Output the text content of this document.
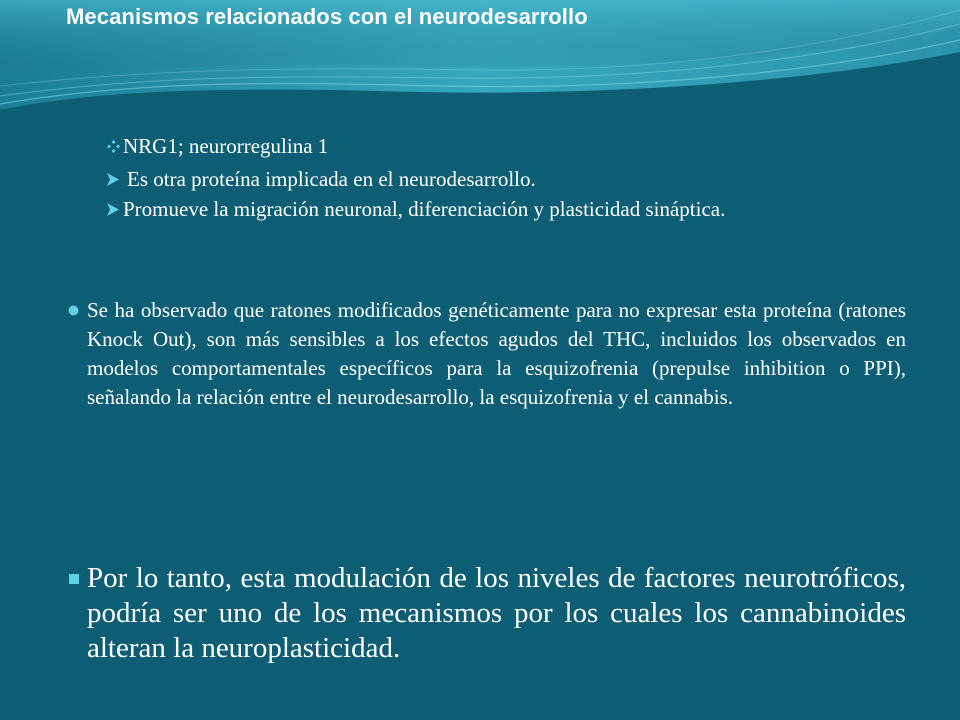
Mecanismos relacionados con el neurodesarrollo
NRG1; neurorregulina 1
Es otra proteína implicada en el neurodesarrollo.
Promueve la migración neuronal, diferenciación y plasticidad sináptica.
Se ha observado que ratones modificados genéticamente para no expresar esta proteína (ratones Knock Out), son más sensibles a los efectos agudos del THC, incluidos los observados en modelos comportamentales específicos para la esquizofrenia (prepulse inhibition o PPI), señalando la relación entre el neurodesarrollo, la esquizofrenia y el cannabis.
Por lo tanto, esta modulación de los niveles de factores neurotróficos, podría ser uno de los mecanismos por los cuales los cannabinoides alteran la neuroplasticidad.
